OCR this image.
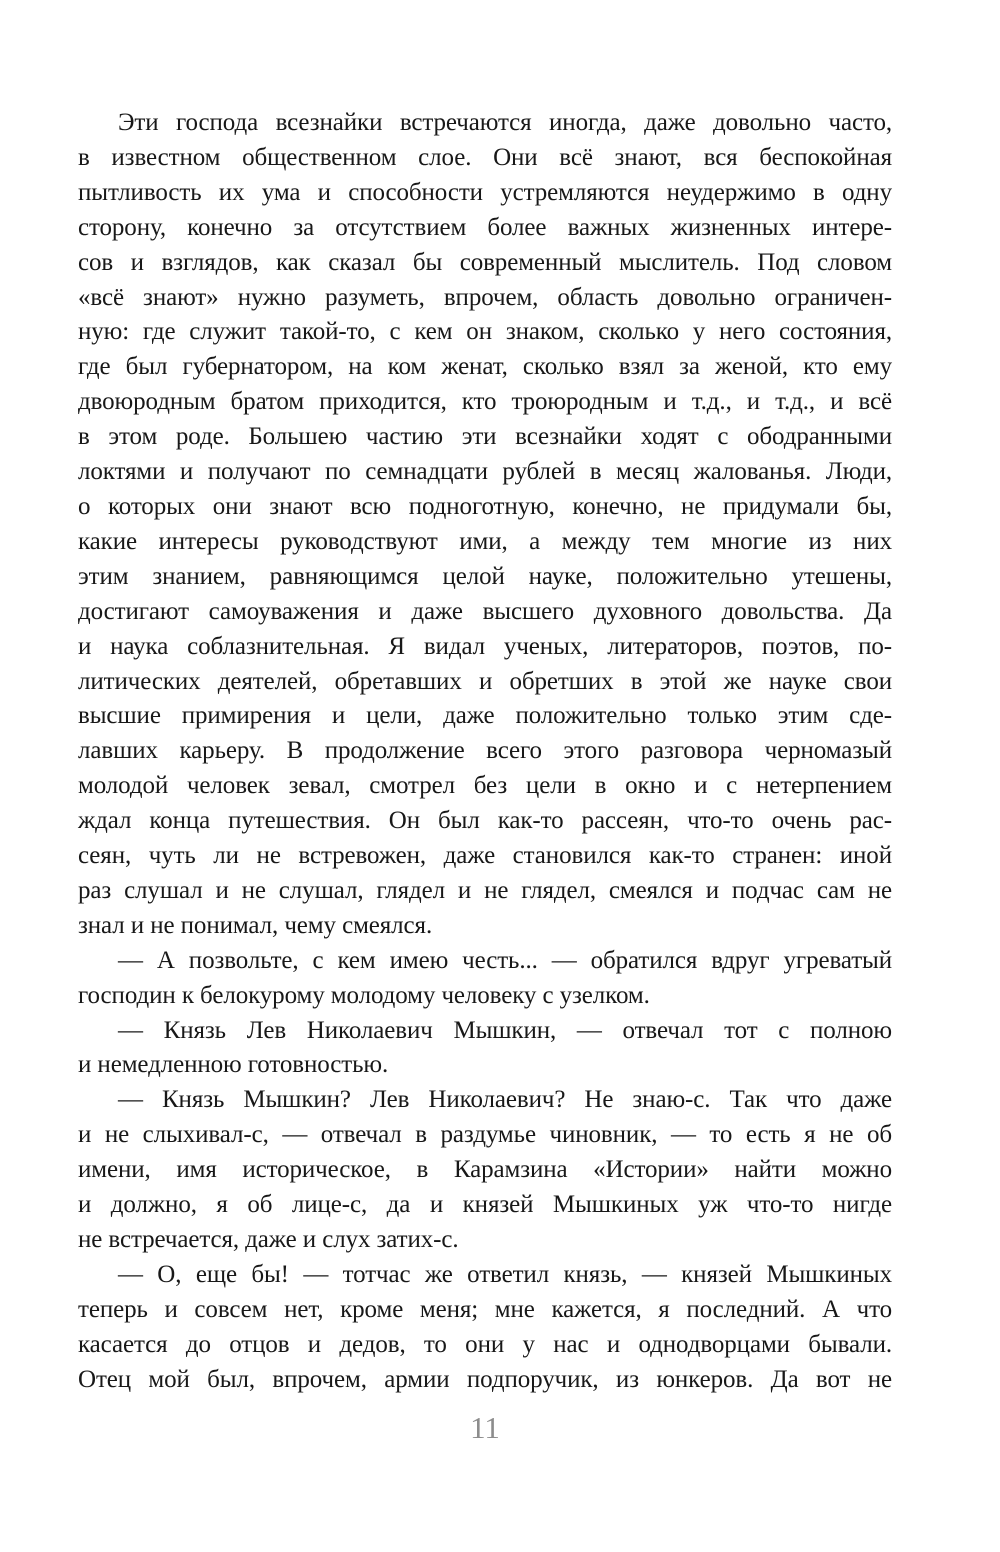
Эти господа всезнайки встречаются иногда, даже довольно часто,
в известном общественном слое. Они всё знают, вся беспокойная
пытливость их ума и способности устремляются неудержимо в одну
сторону, конечно за отсутствием более важных жизненных интере-
сов и взглядов, как сказал бы современный мыслитель. Под словом
«всё знают» нужно разуметь, впрочем, область довольно ограничен-
ную: где служит такой-то, с кем он знаком, сколько у него состояния,
где был губернатором, на ком женат, сколько взял за женой, кто ему
двоюродным братом приходится, кто троюродным и т.д., и т.д., и всё
в этом роде. Большею частию эти всезнайки ходят с ободранными
локтями и получают по семнадцати рублей в месяц жалованья. Люди,
о которых они знают всю подноготную, конечно, не придумали бы,
какие интересы руководствуют ими, а между тем многие из них
этим знанием, равняющимся целой науке, положительно утешены,
достигают самоуважения и даже высшего духовного довольства. Да
и наука соблазнительная. Я видал ученых, литераторов, поэтов, по-
литических деятелей, обретавших и обретших в этой же науке свои
высшие примирения и цели, даже положительно только этим сде-
лавших карьеру. В продолжение всего этого разговора черномазый
молодой человек зевал, смотрел без цели в окно и с нетерпением
ждал конца путешествия. Он был как-то рассеян, что-то очень рас-
сеян, чуть ли не встревожен, даже становился как-то странен: иной
раз слушал и не слушал, глядел и не глядел, смеялся и подчас сам не
знал и не понимал, чему смеялся.
— А позвольте, с кем имею честь... — обратился вдруг угреватый
господин к белокурому молодому человеку с узелком.
— Князь Лев Николаевич Мышкин, — отвечал тот с полною
и немедленною готовностью.
— Князь Мышкин? Лев Николаевич? Не знаю-с. Так что даже
и не слыхивал-с, — отвечал в раздумье чиновник, — то есть я не об
имени, имя историческое, в Карамзина «Истории» найти можно
и должно, я об лице-с, да и князей Мышкиных уж что-то нигде
не встречается, даже и слух затих-с.
— О, еще бы! — тотчас же ответил князь, — князей Мышкиных
теперь и совсем нет, кроме меня; мне кажется, я последний. А что
касается до отцов и дедов, то они у нас и однодворцами бывали.
Отец мой был, впрочем, армии подпоручик, из юнкеров. Да вот не
11
